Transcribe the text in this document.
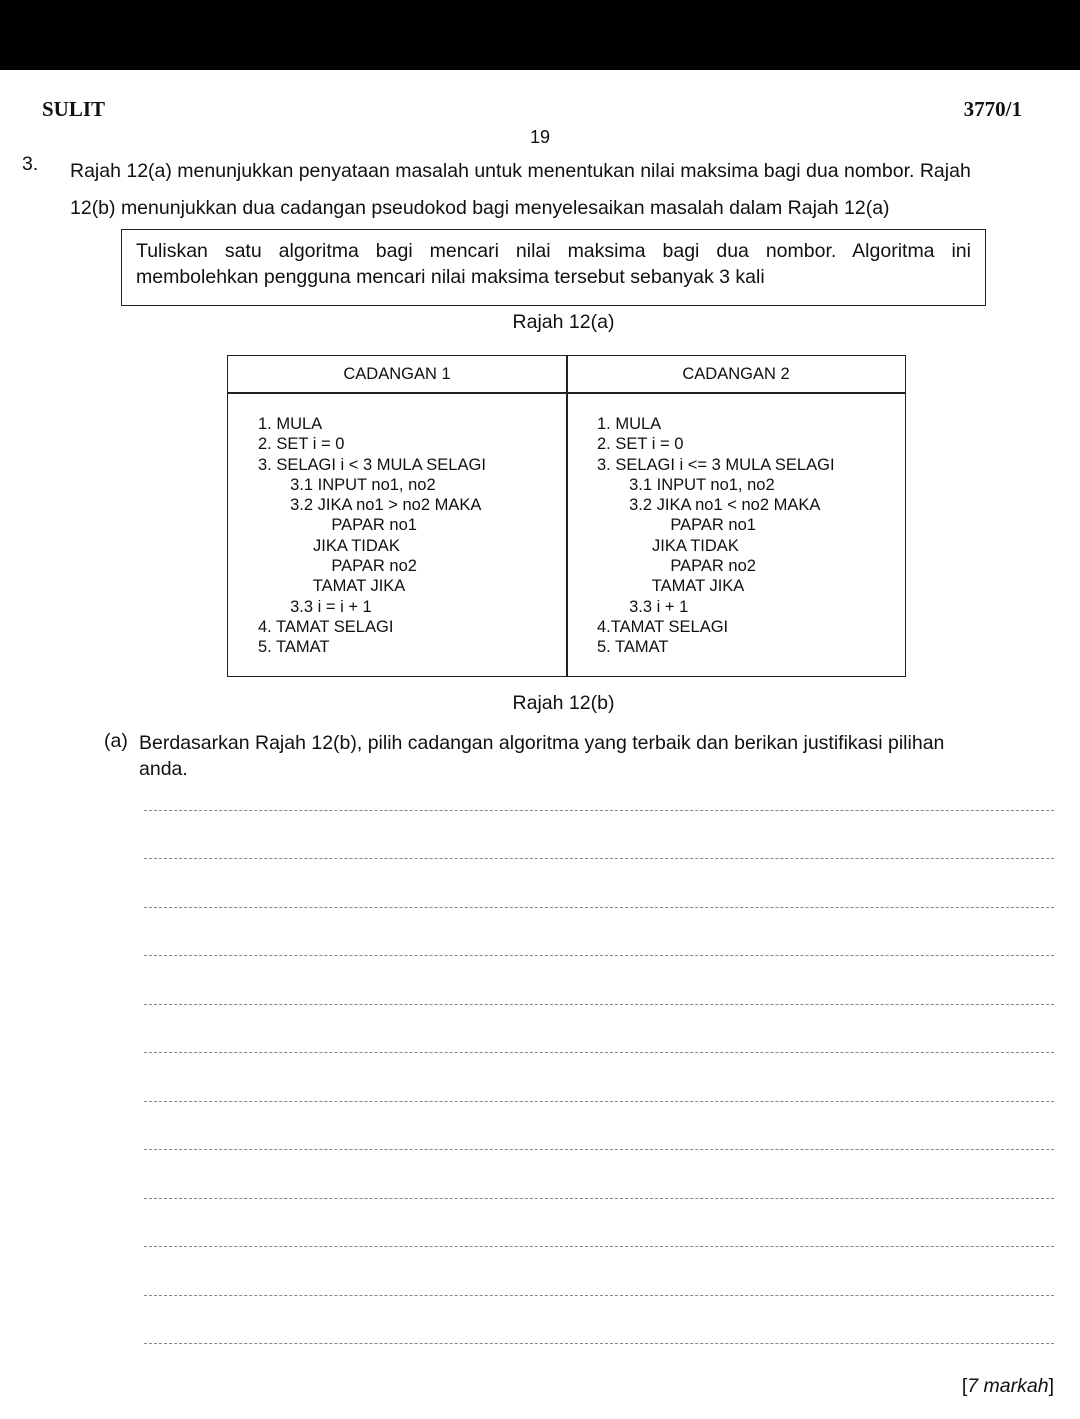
SULIT	3770/1
19
3. Rajah 12(a) menunjukkan penyataan masalah untuk menentukan nilai maksima bagi dua nombor. Rajah
12(b) menunjukkan dua cadangan pseudokod bagi menyelesaikan masalah dalam Rajah 12(a)
Tuliskan satu algoritma bagi mencari nilai maksima bagi dua nombor. Algoritma ini
membolehkan pengguna mencari nilai maksima tersebut sebanyak 3 kali
Rajah 12(a)
CADANGAN 1	CADANGAN 2
1. MULA
2. SET i = 0
3. SELAGI i < 3 MULA SELAGI
3.1 INPUT no1, no2
3.2 JIKA no1 > no2 MAKA
PAPAR no1
JIKA TIDAK
PAPAR no2
TAMAT JIKA
3.3 i = i + 1
4. TAMAT SELAGI
5. TAMAT
1. MULA
2. SET i = 0
3. SELAGI i <= 3 MULA SELAGI
3.1 INPUT no1, no2
3.2 JIKA no1 < no2 MAKA
PAPAR no1
JIKA TIDAK
PAPAR no2
TAMAT JIKA
3.3 i + 1
4.TAMAT SELAGI
5. TAMAT
Rajah 12(b)
(a) Berdasarkan Rajah 12(b), pilih cadangan algoritma yang terbaik dan berikan justifikasi pilihan
anda.
[7 markah]
